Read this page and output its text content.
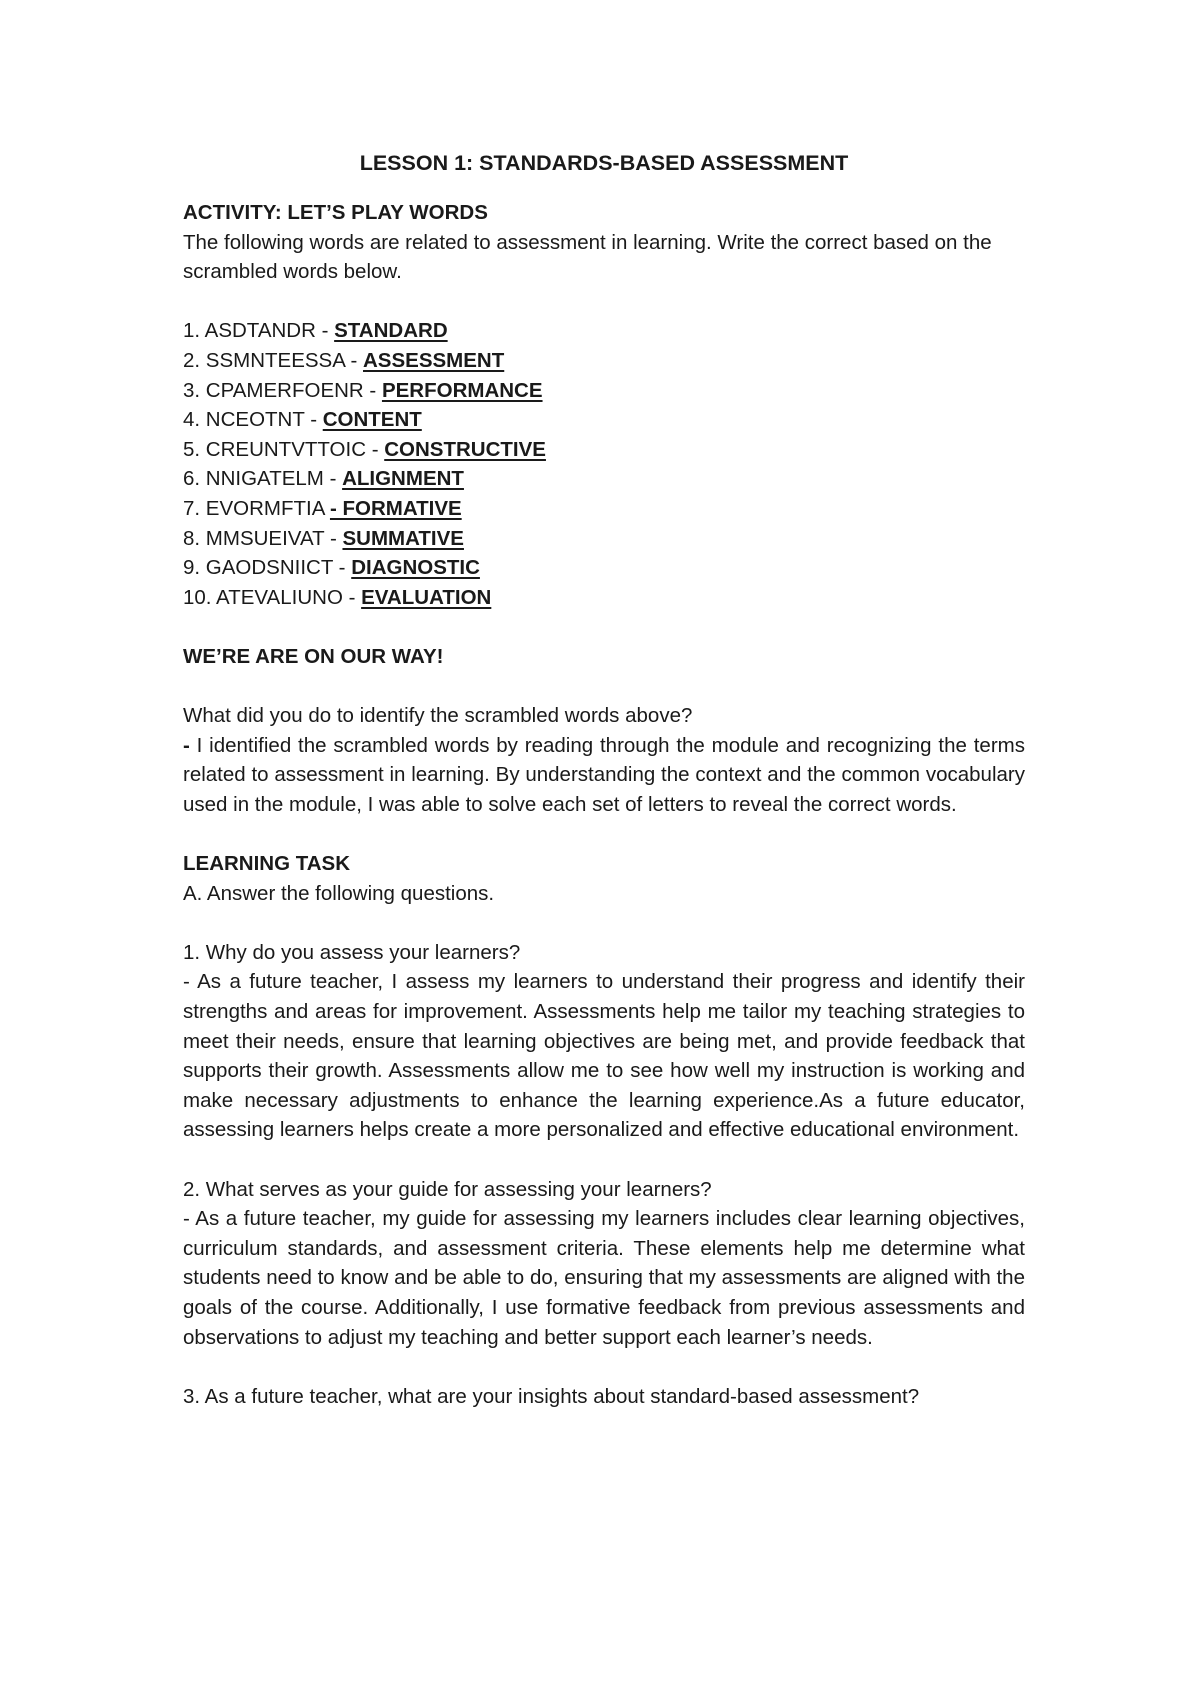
LESSON 1: STANDARDS-BASED ASSESSMENT

ACTIVITY: LET’S PLAY WORDS

The following words are related to assessment in learning. Write the correct based on the scrambled words below.

1. ASDTANDR - STANDARD
2. SSMNTEESSA - ASSESSMENT
3. CPAMERFOENR - PERFORMANCE
4. NCEOTNT - CONTENT
5. CREUNTVTTOIC - CONSTRUCTIVE
6. NNIGATELM - ALIGNMENT
7. EVORMFTIA - FORMATIVE
8. MMSUEIVAT - SUMMATIVE
9. GAODSNIICT - DIAGNOSTIC
10. ATEVALIUNO - EVALUATION

WE’RE ARE ON OUR WAY!

What did you do to identify the scrambled words above?

- I identified the scrambled words by reading through the module and recognizing the terms related to assessment in learning. By understanding the context and the common vocabulary used in the module, I was able to solve each set of letters to reveal the correct words.

LEARNING TASK

A. Answer the following questions.

1. Why do you assess your learners?

- As a future teacher, I assess my learners to understand their progress and identify their strengths and areas for improvement. Assessments help me tailor my teaching strategies to meet their needs, ensure that learning objectives are being met, and provide feedback that supports their growth. Assessments allow me to see how well my instruction is working and make necessary adjustments to enhance the learning experience.As a future educator, assessing learners helps create a more personalized and effective educational environment.

2. What serves as your guide for assessing your learners?

- As a future teacher, my guide for assessing my learners includes clear learning objectives, curriculum standards, and assessment criteria. These elements help me determine what students need to know and be able to do, ensuring that my assessments are aligned with the goals of the course. Additionally, I use formative feedback from previous assessments and observations to adjust my teaching and better support each learner’s needs.

3. As a future teacher, what are your insights about standard-based assessment?
